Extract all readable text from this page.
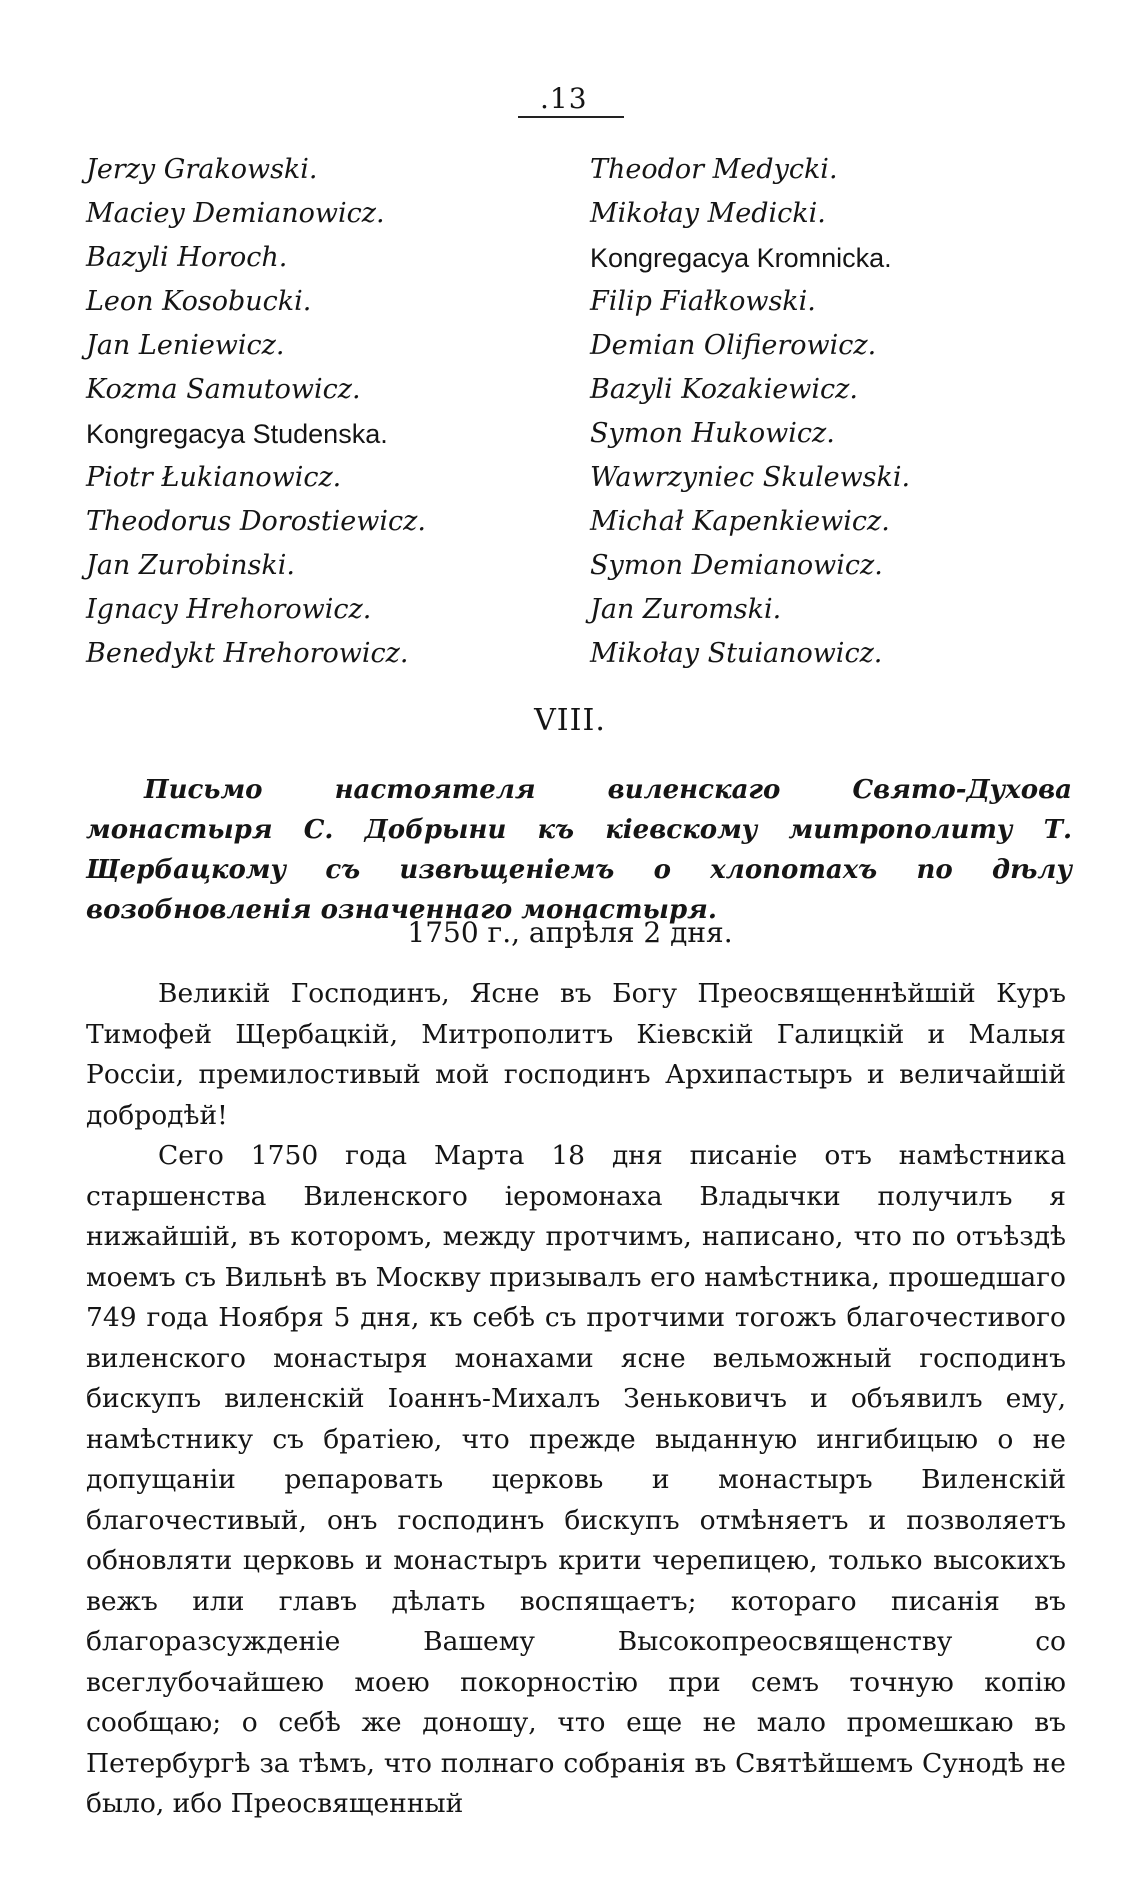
.13
Jerzy Grakowski.
Maciey Demianowicz.
Bazyli Horoch.
Leon Kosobucki.
Jan Leniewicz.
Kozma Samutowicz.
Kongregacya Studenska.
Piotr Łukianowicz.
Theodorus Dorostiewicz.
Jan Zurobinski.
Ignacy Hrehorowicz.
Benedykt Hrehorowicz.
Theodor Medycki.
Mikołay Medicki.
Kongregacya Kromnicka.
Filip Fiałkowski.
Demian Olifierowicz.
Bazyli Kozakiewicz.
Symon Hukowicz.
Wawrzyniec Skulewski.
Michał Kapenkiewicz.
Symon Demianowicz.
Jan Zuromski.
Mikołay Stuianowicz.
VIII.
Письмо настоятеля виленскаго Свято-Духова монастыря С. Добрыни къ кіевскому митрополиту Т. Щербацкому съ извѣщеніемъ о хлопотахъ по дѣлу возобновленія означеннаго монастыря.
1750 г., апрѣля 2 дня.

Великій Господинъ, Ясне въ Богу Преосвященнѣйшій Куръ Тимофей Щербацкій, Митрополитъ Кіевскій Галицкій и Малыя Россіи, премилостивый мой господинъ Архипастыръ и величайшій добродѣй!

Сего 1750 года Марта 18 дня писаніе отъ намѣстника старшенства Виленского іеромонаха Владычки получилъ я нижайшій, въ которомъ, между протчимъ, написано, что по отъѣздѣ моемъ съ Вильнѣ въ Москву призывалъ его намѣстника, прошедшаго 749 года Ноября 5 дня, къ себѣ съ протчими тогожъ благочестивого виленского монастыря монахами ясне вельможный господинъ бискупъ виленскій Іоаннъ-Михалъ Зеньковичъ и объявилъ ему, намѣстнику съ братіею, что прежде выданную ингибицыю о не допущаніи репаровать церковь и монастыръ Виленскій благочестивый, онъ господинъ бискупъ отмѣняетъ и позволяетъ обновляти церковь и монастыръ крити черепицею, только высокихъ вежъ или главъ дѣлать воспящаетъ; котораго писанія въ благоразсужденіе Вашему Высокопреосвященству со всеглубочайшею моею покорностію при семъ точную копію сообщаю; о себѣ же доношу, что еще не мало промешкаю въ Петербургѣ за тѣмъ, что полнаго собранія въ Святѣйшемъ Сунодѣ не было, ибо Преосвященный
